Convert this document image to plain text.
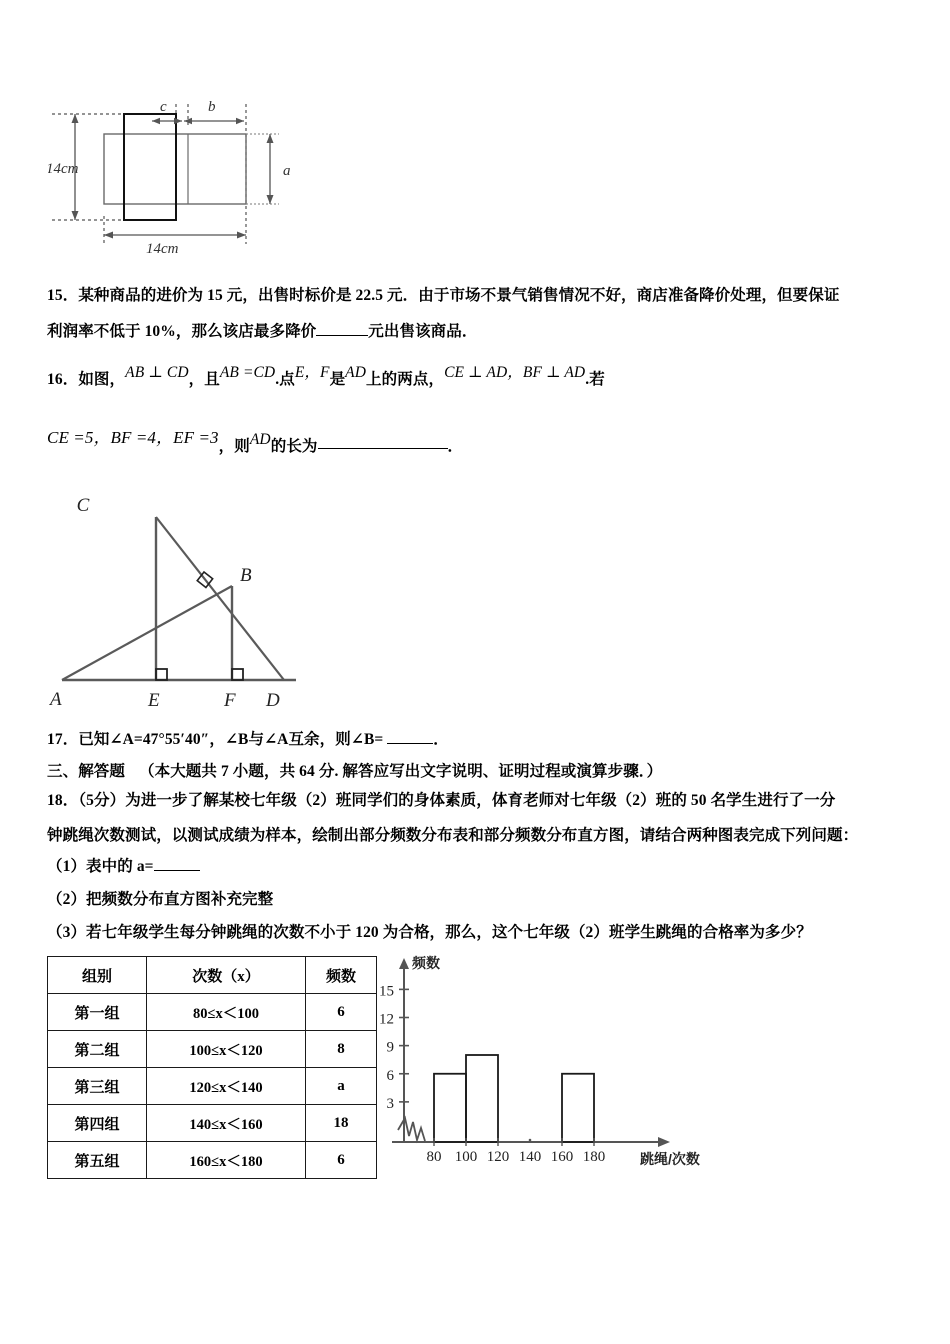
14cm
14cm
c	b
a
15．某种商品的进价为 15 元，出售时标价是 22.5 元．由于市场不景气销售情况不好，商店准备降价处理，但要保证
利润率不低于 10%，那么该店最多降价	元出售该商品．
16．如图，AB ⊥ CD，且AB =CD.点E，F是AD上的两点，CE ⊥ AD，BF ⊥ AD.若
CE =5，BF =4，EF =3，则AD的长为	．
C
B
A	E	F D
17．已知∠A=47°55′40″，∠B与∠A互余，则∠B=	．
三、解答题 （本大题共 7 小题，共 64 分. 解答应写出文字说明、证明过程或演算步骤．）
18．（5分）为进一步了解某校七年级（2）班同学们的身体素质，体育老师对七年级（2）班的 50 名学生进行了一分
钟跳绳次数测试，以测试成绩为样本，绘制出部分频数分布表和部分频数分布直方图，请结合两种图表完成下列问题：
（1）表中的 a=
（2）把频数分布直方图补充完整
（3）若七年级学生每分钟跳绳的次数不小于 120 为合格，那么，这个七年级（2）班学生跳绳的合格率为多少？
组别	次数（x）	频数
第一组	80≤x＜100	6
第二组	100≤x＜120	8
第三组	120≤x＜140	a
第四组	140≤x＜160	18
第五组	160≤x＜180	6
3
6
9
12
15
80 100 120 140 160 180
频数
跳绳/次数
